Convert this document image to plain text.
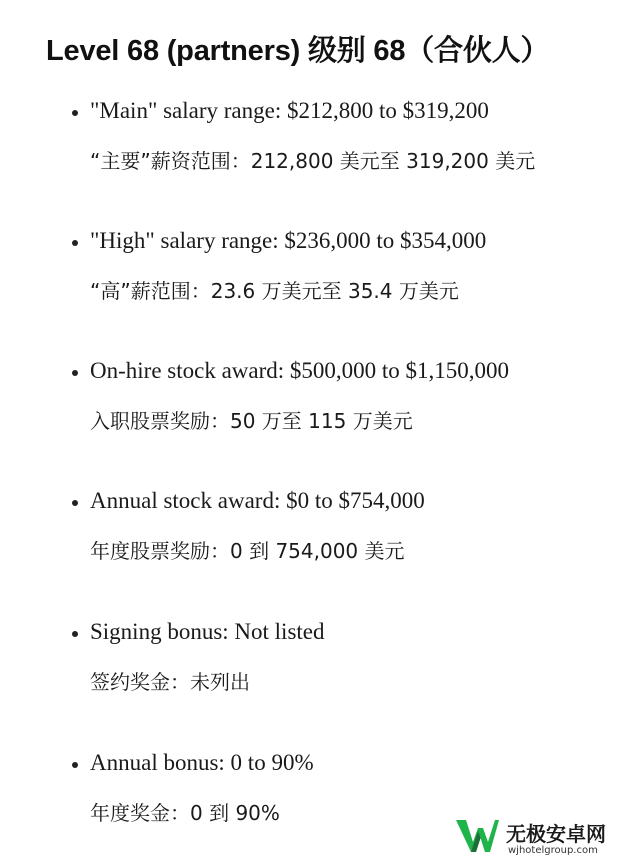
Level 68 (partners) 级别 68（合伙人）
"Main" salary range: $212,800 to $319,200
“主要”薪资范围：212,800 美元至 319,200 美元
"High" salary range: $236,000 to $354,000
“高”薪范围：23.6 万美元至 35.4 万美元
On-hire stock award: $500,000 to $1,150,000
入职股票奖励：50 万至 115 万美元
Annual stock award: $0 to $754,000
年度股票奖励：0 到 754,000 美元
Signing bonus: Not listed
签约奖金：未列出
Annual bonus: 0 to 90%
年度奖金：0 到 90%
无极安卓网
wjhotelgroup.com
